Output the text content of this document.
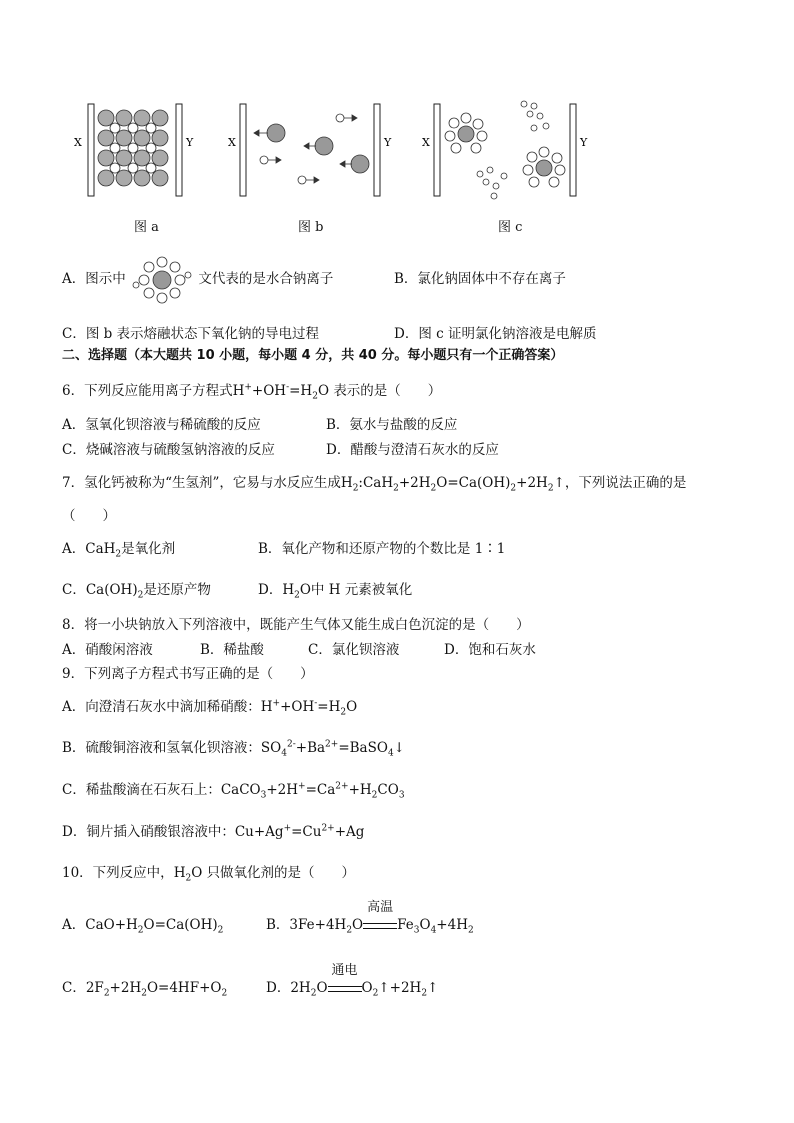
X	Y	X	Y	X	Y
图 a	图 b	图 c
A．图示中	文代表的是水合钠离子	B．氯化钠固体中不存在离子
C．图 b 表示熔融状态下氧化钠的导电过程	D．图 c 证明氯化钠溶液是电解质
二、选择题（本大题共 10 小题，每小题 4 分，共 40 分。每小题只有一个正确答案）
6．下列反应能用离子方程式$H^++OH^-=H_2O$ 表示的是（　　）
A．氢氧化钡溶液与稀硫酸的反应	B．氨水与盐酸的反应
C．烧碱溶液与硫酸氢钠溶液的反应	D．醋酸与澄清石灰水的反应
7．氢化钙被称为“生氢剂”，它易与水反应生成$H_2:CaH_2+2H_2O=Ca(OH)_2+2H_2↑$，下列说法正确的是
（　　）
A．CaH$_2$是氧化剂	B．氧化产物和还原产物的个数比是 1∶1
C．$Ca(OH)_2$是还原产物	D．$H_2O$中 H 元素被氧化
8．将一小块钠放入下列溶液中，既能产生气体又能生成白色沉淀的是（　　）
A．硝酸闲溶液	B．稀盐酸	C．氯化钡溶液	D．饱和石灰水
9．下列离子方程式书写正确的是（　　）
A．向澄清石灰水中滴加稀硝酸：$H^++OH^-=H_2O$
B．硫酸铜溶液和氢氧化钡溶液：$SO_4^{2-}+Ba^{2+}=BaSO_4↓$
C．稀盐酸滴在石灰石上：$CaCO_3+2H^+=Ca^{2+}+H_2CO_3$
D．铜片插入硝酸银溶液中：$Cu+Ag^+=Cu^{2+}+Ag$
10．下列反应中，$H_2O$ 只做氧化剂的是（　　）
A．$CaO+H_2O=Ca(OH)_2$	B．$3Fe+4H_2O$
高温
$Fe_3O_4+4H_2$
C．$2F_2+2H_2O=4HF+O_2$	D．$2H_2O$
通电
$O_2↑+2H_2↑$
